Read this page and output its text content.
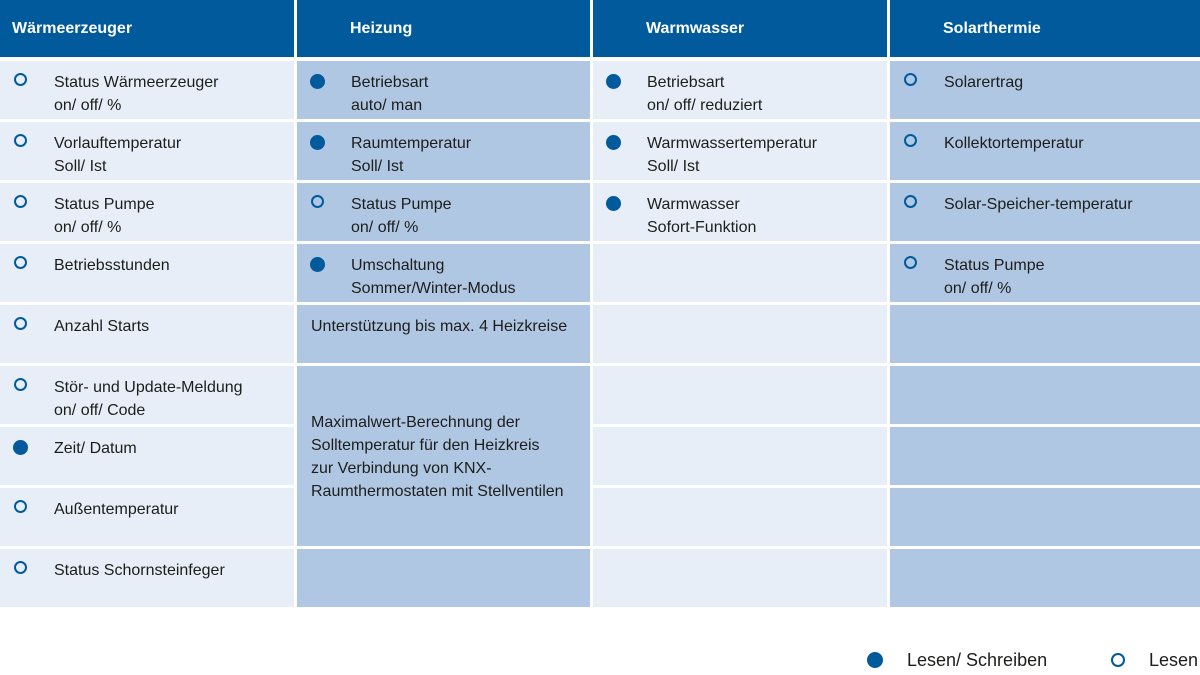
Wärmeerzeuger
Status Wärmeerzeuger
on/ off/ %
Vorlauftemperatur
Soll/ Ist
Status Pumpe
on/ off/ %
Betriebsstunden
Anzahl Starts
Stör- und Update-Meldung
on/ off/ Code
Zeit/ Datum
Außentemperatur
Status Schornsteinfeger
Heizung
Betriebsart
auto/ man
Raumtemperatur
Soll/ Ist
Status Pumpe
on/ off/ %
Umschaltung
Sommer/Winter-Modus
Warmwasser
Betriebsart
on/ off/ reduziert
Warmwassertemperatur
Soll/ Ist
Warmwasser
Sofort-Funktion
Solarthermie
Solarertrag
Kollektortemperatur
Solar-Speicher-temperatur
Status Pumpe
on/ off/ %
Unterstützung bis max. 4 Heizkreise
Maximalwert-Berechnung der
Solltemperatur für den Heizkreis
zur Verbindung von KNX-
Raumthermostaten mit Stellventilen
Lesen/ Schreiben	Lesen
